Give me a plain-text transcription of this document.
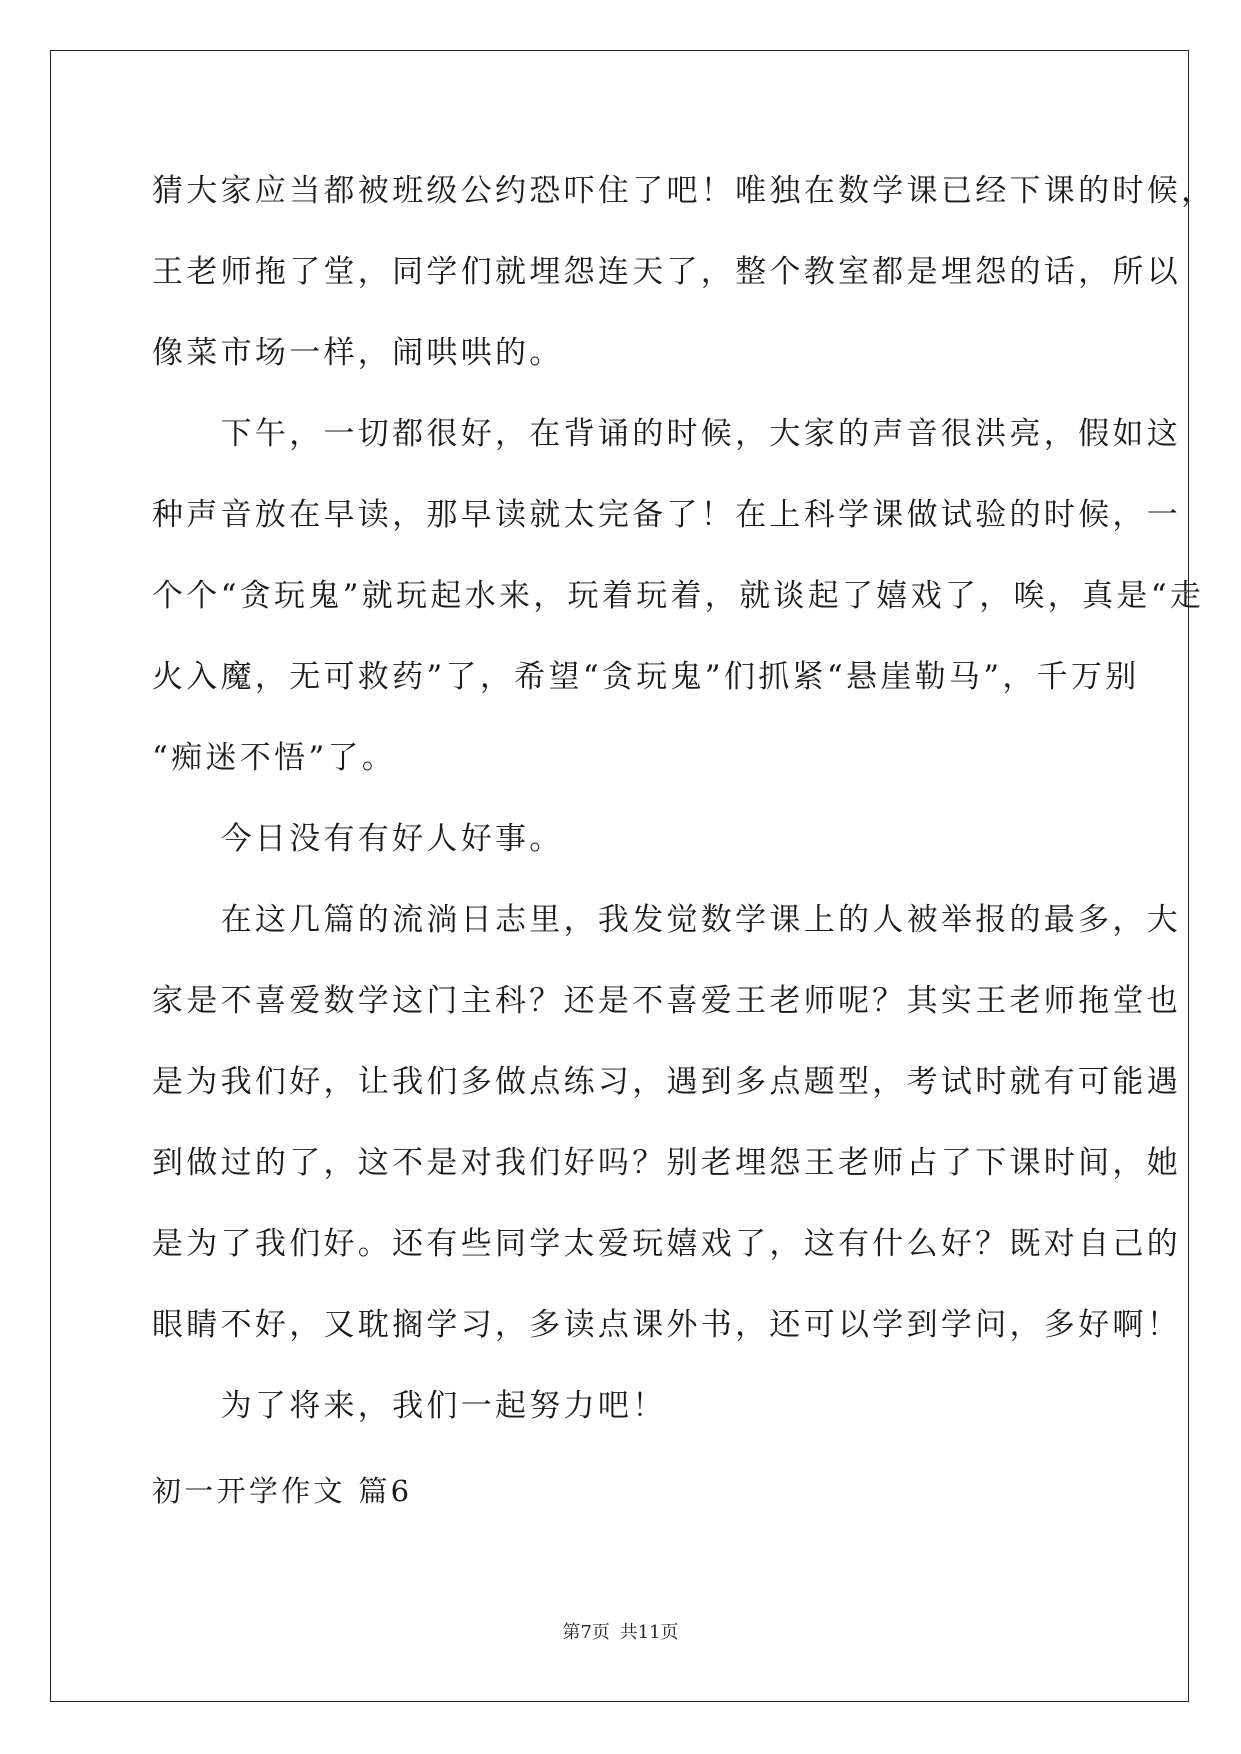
猜大家应当都被班级公约恐吓住了吧！唯独在数学课已经下课的时候，
王老师拖了堂，同学们就埋怨连天了，整个教室都是埋怨的话，所以
像菜市场一样，闹哄哄的。
　　下午，一切都很好，在背诵的时候，大家的声音很洪亮，假如这
种声音放在早读，那早读就太完备了！在上科学课做试验的时候，一
个个“贪玩鬼”就玩起水来，玩着玩着，就谈起了嬉戏了，唉，真是“走
火入魔，无可救药”了，希望“贪玩鬼”们抓紧“悬崖勒马”，千万别
“痴迷不悟”了。
　　今日没有有好人好事。
　　在这几篇的流淌日志里，我发觉数学课上的人被举报的最多，大
家是不喜爱数学这门主科？还是不喜爱王老师呢？其实王老师拖堂也
是为我们好，让我们多做点练习，遇到多点题型，考试时就有可能遇
到做过的了，这不是对我们好吗？别老埋怨王老师占了下课时间，她
是为了我们好。还有些同学太爱玩嬉戏了，这有什么好？既对自己的
眼睛不好，又耽搁学习，多读点课外书，还可以学到学问，多好啊！
　　为了将来，我们一起努力吧！
初一开学作文 篇6
第7页 共11页
